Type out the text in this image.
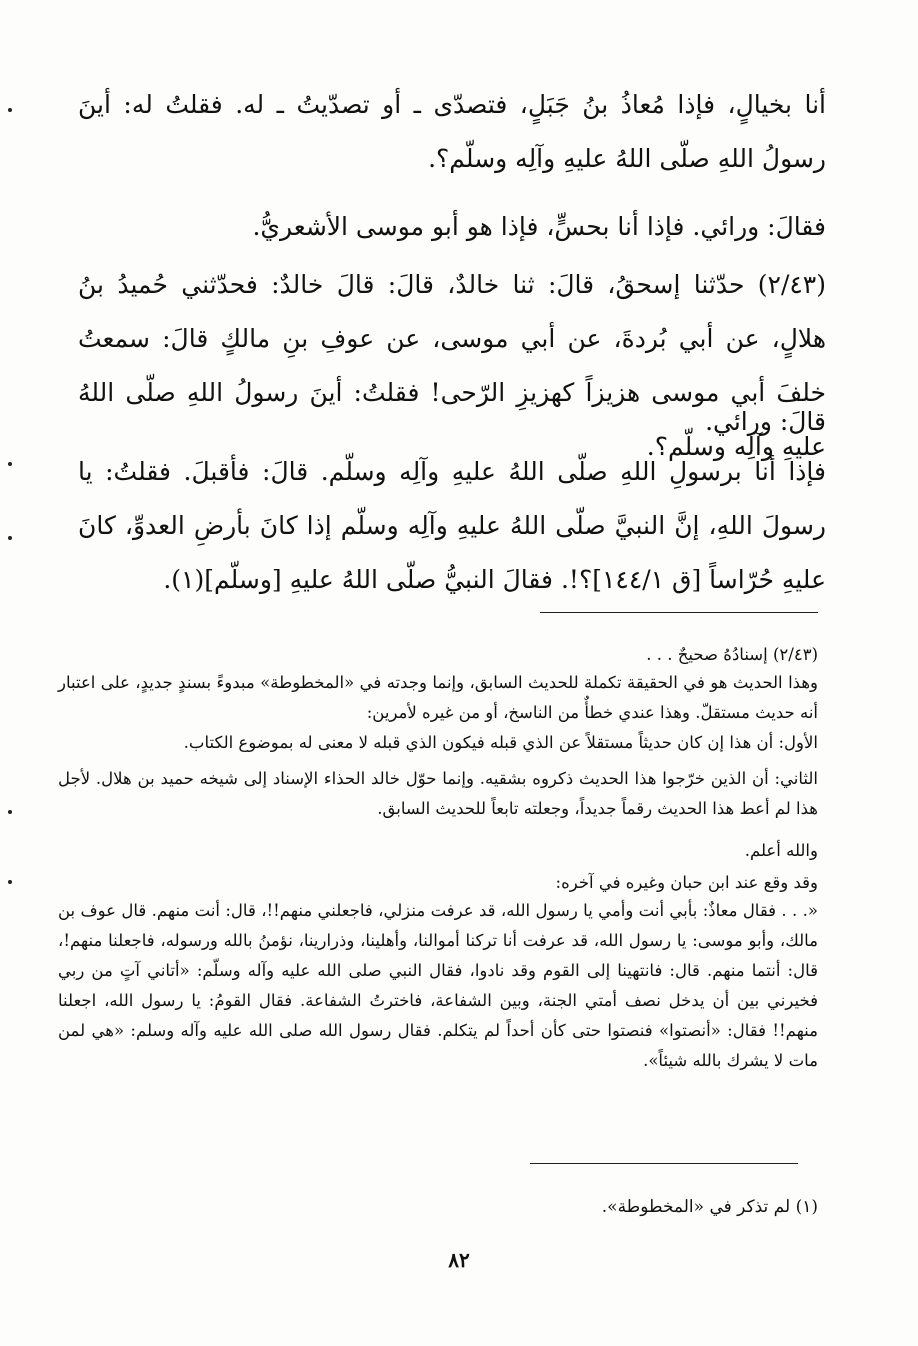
أنا بخيالٍ، فإذا مُعاذُ بنُ جَبَلٍ، فتصدّى ـ أو تصدّيتُ ـ له. فقلتُ له: أينَ رسولُ اللهِ صلّى اللهُ عليهِ وآلِه وسلّم؟.
فقالَ: ورائي. فإذا أنا بحسٍّ، فإذا هو أبو موسى الأشعريُّ.
(٢/٤٣) حدّثنا إسحقُ، قالَ: ثنا خالدٌ، قالَ: قالَ خالدٌ: فحدّثني حُميدُ بنُ هلالٍ، عن أبي بُردةَ، عن أبي موسى، عن عوفِ بنِ مالكٍ قالَ: سمعتُ خلفَ أبي موسى هزيزاً كهزيزِ الرّحى! فقلتُ: أينَ رسولُ اللهِ صلّى اللهُ عليهِ وآلِه وسلّم؟.
قالَ: ورائي.
فإذا أنا برسولِ اللهِ صلّى اللهُ عليهِ وآلِه وسلّم. قالَ: فأقبلَ. فقلتُ: يا رسولَ اللهِ، إنَّ النبيَّ صلّى اللهُ عليهِ وآلِه وسلّم إذا كانَ بأرضِ العدوِّ، كانَ عليهِ حُرّاساً [ق ١٤٤/١]؟!. فقالَ النبيُّ صلّى اللهُ عليهِ [وسلّم](١).
(٢/٤٣) إسنادُهُ صحيحٌ . . .
وهذا الحديث هو في الحقيقة تكملة للحديث السابق، وإنما وجدته في «المخطوطة» مبدوءً بسندٍ جديدٍ، على اعتبار أنه حديث مستقلّ. وهذا عندي خطأٌ من الناسخ، أو من غيره لأمرين:
الأول: أن هذا إن كان حديثاً مستقلاً عن الذي قبله فيكون الذي قبله لا معنى له بموضوع الكتاب.
الثاني: أن الذين خرّجوا هذا الحديث ذكروه بشقيه. وإنما حوّل خالد الحذاء الإسناد إلى شيخه حميد بن هلال. لأجل هذا لم أعط هذا الحديث رقماً جديداً، وجعلته تابعاً للحديث السابق.
والله أعلم.
وقد وقع عند ابن حبان وغيره في آخره:
«. . . فقال معاذٌ: بأبي أنت وأمي يا رسول الله، قد عرفت منزلي، فاجعلني منهم!!، قال: أنت منهم. قال عوف بن مالك، وأبو موسى: يا رسول الله، قد عرفت أنا تركنا أموالنا، وأهلينا، وذرارينا، نؤمنُ بالله ورسوله، فاجعلنا منهم!، قال: أنتما منهم. قال: فانتهينا إلى القوم وقد نادوا، فقال النبي صلى الله عليه وآله وسلّم: «أتاني آتٍ من ربي فخيرني بين أن يدخل نصف أمتي الجنة، وبين الشفاعة، فاخترتُ الشفاعة. فقال القومُ: يا رسول الله، اجعلنا منهم!! فقال: «أنصتوا» فنصتوا حتى كأن أحداً لم يتكلم. فقال رسول الله صلى الله عليه وآله وسلم: «هي لمن مات لا يشرك بالله شيئاً».
(١) لم تذكر في «المخطوطة».
٨٢
